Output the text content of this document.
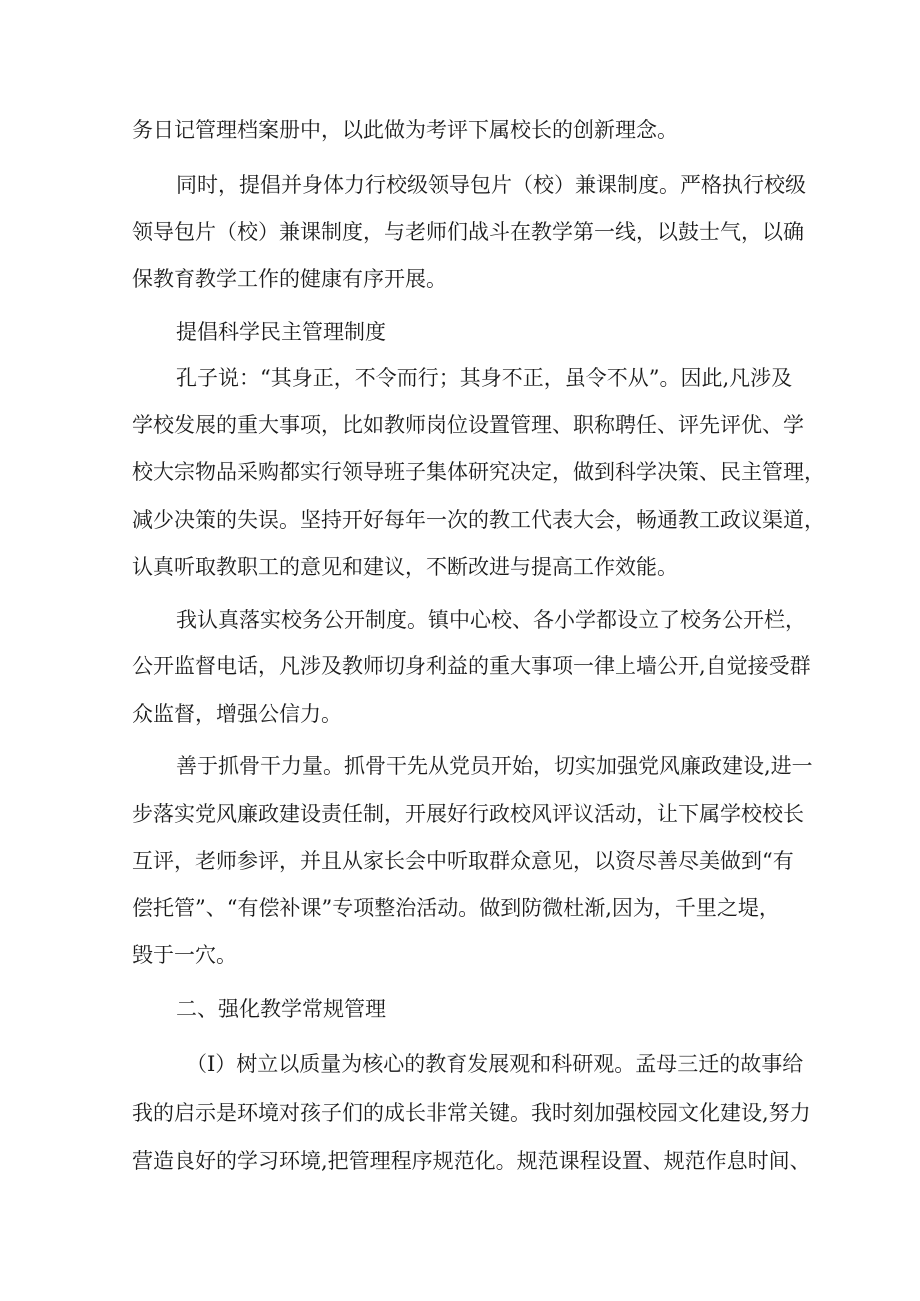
务日记管理档案册中，以此做为考评下属校长的创新理念。

同时，提倡并身体力行校级领导包片（校）兼课制度。严格执行校级

领导包片（校）兼课制度，与老师们战斗在教学第一线，以鼓士气，以确

保教育教学工作的健康有序开展。

提倡科学民主管理制度

孔子说：“其身正，不令而行；其身不正，虽令不从”。因此,凡涉及

学校发展的重大事项，比如教师岗位设置管理、职称聘任、评先评优、学

校大宗物品采购都实行领导班子集体研究决定，做到科学决策、民主管理，

减少决策的失误。坚持开好每年一次的教工代表大会，畅通教工政议渠道，

认真听取教职工的意见和建议，不断改进与提高工作效能。

我认真落实校务公开制度。镇中心校、各小学都设立了校务公开栏，

公开监督电话，凡涉及教师切身利益的重大事项一律上墙公开,自觉接受群

众监督，增强公信力。

善于抓骨干力量。抓骨干先从党员开始，切实加强党风廉政建设,进一

步落实党风廉政建设责任制，开展好行政校风评议活动，让下属学校校长

互评，老师参评，并且从家长会中听取群众意见，以资尽善尽美做到“有

偿托管”、“有偿补课”专项整治活动。做到防微杜渐,因为，千里之堤，

毁于一穴。

二、强化教学常规管理

（I）树立以质量为核心的教育发展观和科研观。孟母三迁的故事给

我的启示是环境对孩子们的成长非常关键。我时刻加强校园文化建设,努力

营造良好的学习环境,把管理程序规范化。规范课程设置、规范作息时间、
